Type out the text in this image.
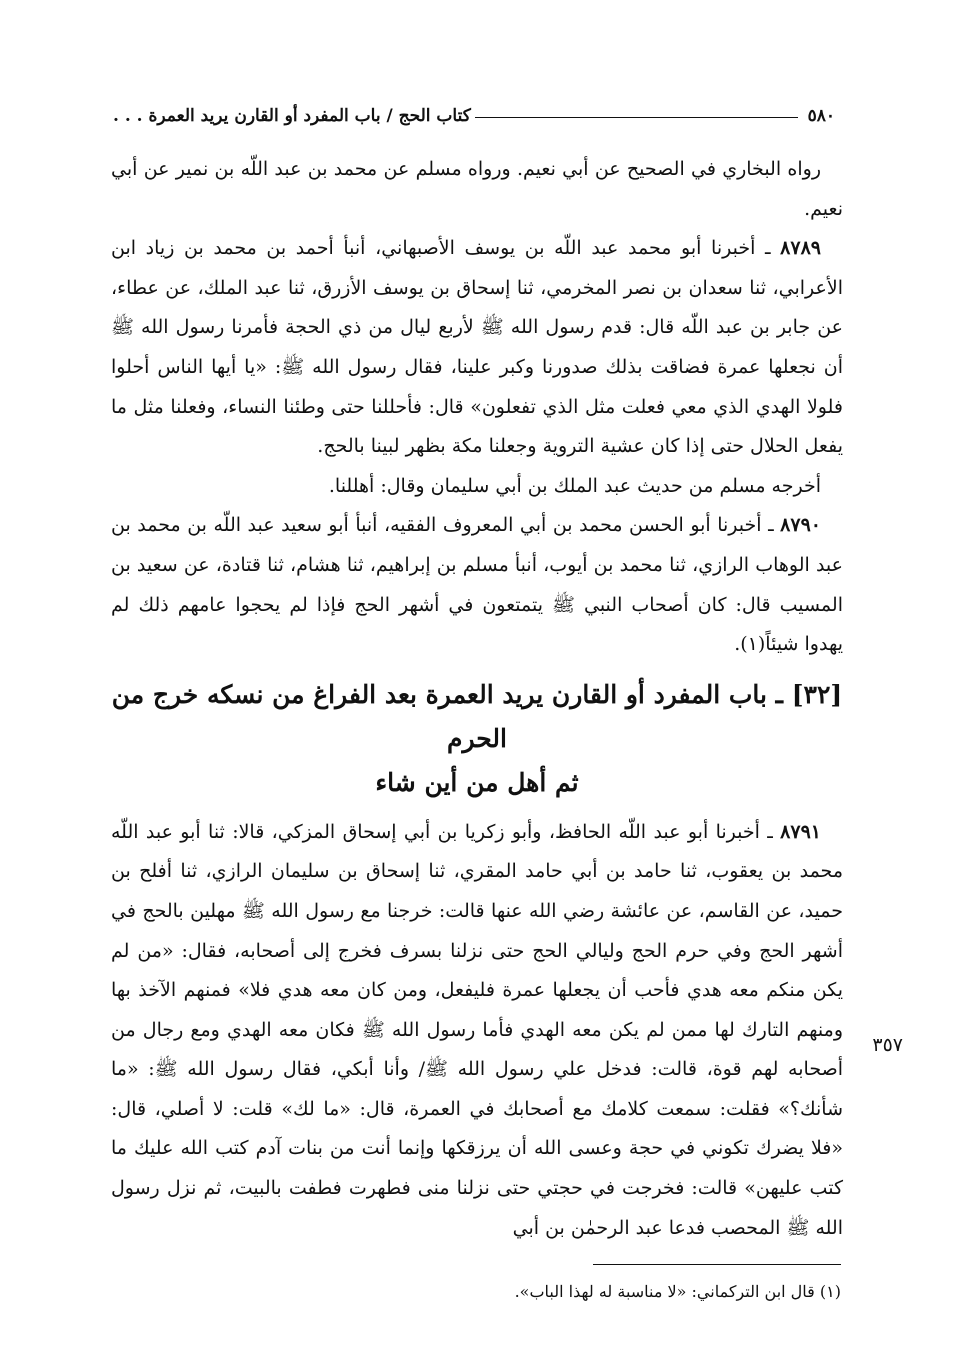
٥٨٠
كتاب الحج / باب المفرد أو القارن يريد العمرة . . .

رواه البخاري في الصحيح عن أبي نعيم. ورواه مسلم عن محمد بن عبد اللّه بن نمير عن أبي نعيم.

٨٧٨٩ ـ أخبرنا أبو محمد عبد اللّه بن يوسف الأصبهاني، أنبأ أحمد بن محمد بن زياد ابن الأعرابي، ثنا سعدان بن نصر المخرمي، ثنا إسحاق بن يوسف الأزرق، ثنا عبد الملك، عن عطاء، عن جابر بن عبد اللّه قال: قدم رسول الله ﷺ لأربع ليال من ذي الحجة فأمرنا رسول الله ﷺ أن نجعلها عمرة فضاقت بذلك صدورنا وكبر علينا، فقال رسول الله ﷺ: «يا أيها الناس أحلوا فلولا الهدي الذي معي فعلت مثل الذي تفعلون» قال: فأحللنا حتى وطئنا النساء، وفعلنا مثل ما يفعل الحلال حتى إذا كان عشية التروية وجعلنا مكة بظهر لبينا بالحج.

أخرجه مسلم من حديث عبد الملك بن أبي سليمان وقال: أهللنا.

٨٧٩٠ ـ أخبرنا أبو الحسن محمد بن أبي المعروف الفقيه، أنبأ أبو سعيد عبد اللّه بن محمد بن عبد الوهاب الرازي، ثنا محمد بن أيوب، أنبأ مسلم بن إبراهيم، ثنا هشام، ثنا قتادة، عن سعيد بن المسيب قال: كان أصحاب النبي ﷺ يتمتعون في أشهر الحج فإذا لم يحجوا عامهم ذلك لم يهدوا شيئاً(١).

[٣٢] ـ باب المفرد أو القارن يريد العمرة بعد الفراغ من نسكه خرج من الحرم
ثم أهل من أين شاء

٨٧٩١ ـ أخبرنا أبو عبد اللّه الحافظ، وأبو زكريا بن أبي إسحاق المزكي، قالا: ثنا أبو عبد اللّه محمد بن يعقوب، ثنا حامد بن أبي حامد المقري، ثنا إسحاق بن سليمان الرازي، ثنا أفلح بن حميد، عن القاسم، عن عائشة رضي الله عنها قالت: خرجنا مع رسول الله ﷺ مهلين بالحج في أشهر الحج وفي حرم الحج وليالي الحج حتى نزلنا بسرف فخرج إلى أصحابه، فقال: «من لم يكن منكم معه هدي فأحب أن يجعلها عمرة فليفعل، ومن كان معه هدي فلا» فمنهم الآخذ بها ومنهم التارك لها ممن لم يكن معه الهدي فأما رسول الله ﷺ فكان معه الهدي ومع رجال من أصحابه لهم قوة، قالت: فدخل علي رسول الله ﷺ/ وأنا أبكي، فقال رسول الله ﷺ: «ما شأنك؟» فقلت: سمعت كلامك مع أصحابك في العمرة، قال: «ما لك» قلت: لا أصلي، قال: «فلا يضرك تكوني في حجة وعسى الله أن يرزقكها وإنما أنت من بنات آدم كتب الله عليك ما كتب عليهن» قالت: فخرجت في حجتي حتى نزلنا منى فطهرت فطفت بالبيت، ثم نزل رسول الله ﷺ المحصب فدعا عبد الرحمٰن بن أبي

٣٥٧
(١) قال ابن التركماني: «لا مناسبة له لهذا الباب».
